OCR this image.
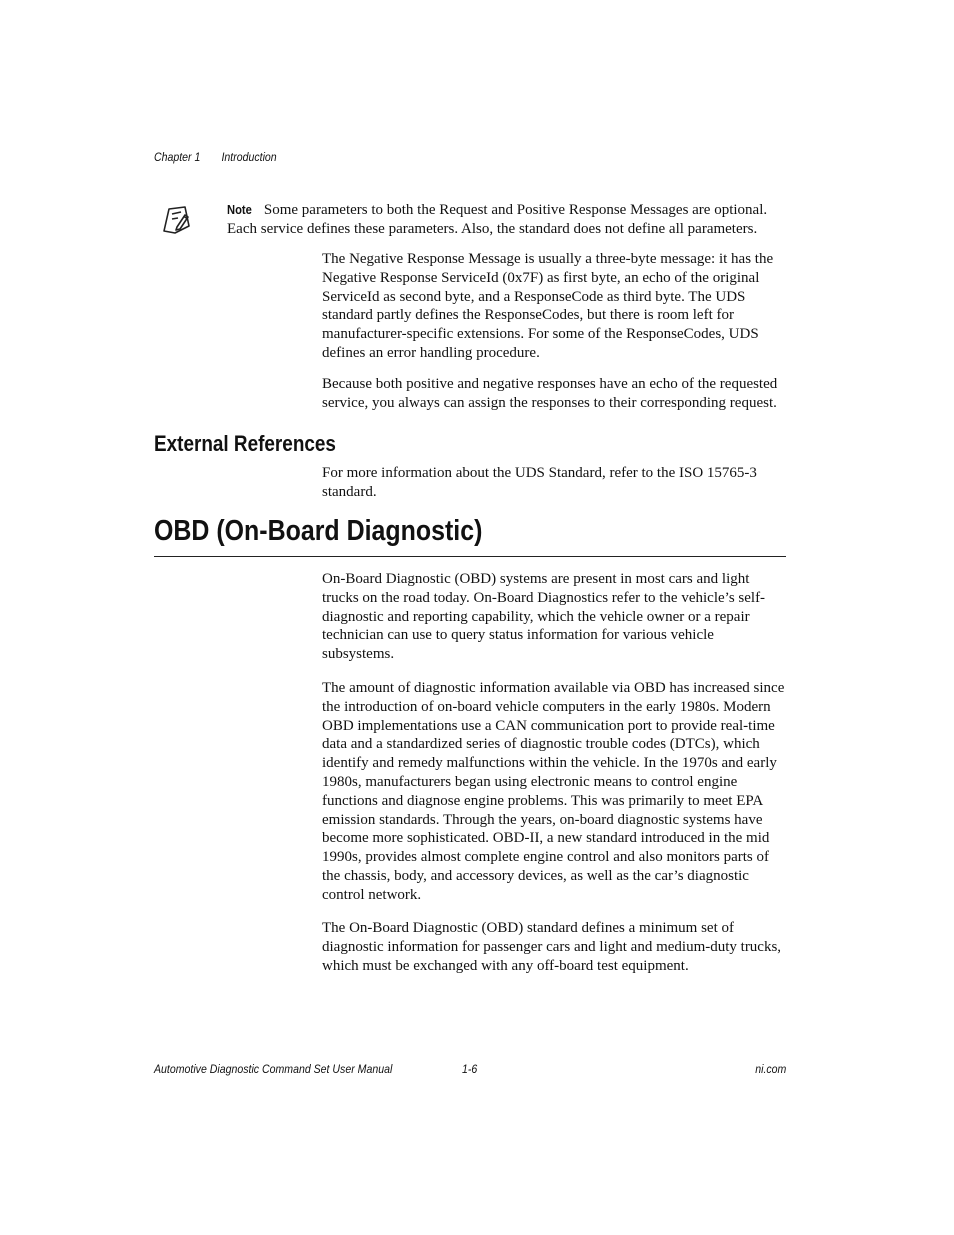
Chapter 1 Introduction
Note Some parameters to both the Request and Positive Response Messages are optional. Each service defines these parameters. Also, the standard does not define all parameters.

The Negative Response Message is usually a three-byte message: it has the Negative Response ServiceId (0x7F) as first byte, an echo of the original ServiceId as second byte, and a ResponseCode as third byte. The UDS standard partly defines the ResponseCodes, but there is room left for manufacturer-specific extensions. For some of the ResponseCodes, UDS defines an error handling procedure.

Because both positive and negative responses have an echo of the requested service, you always can assign the responses to their corresponding request.

External References

For more information about the UDS Standard, refer to the ISO 15765-3 standard.

OBD (On-Board Diagnostic)

On-Board Diagnostic (OBD) systems are present in most cars and light trucks on the road today. On-Board Diagnostics refer to the vehicle’s self-diagnostic and reporting capability, which the vehicle owner or a repair technician can use to query status information for various vehicle subsystems.

The amount of diagnostic information available via OBD has increased since the introduction of on-board vehicle computers in the early 1980s. Modern OBD implementations use a CAN communication port to provide real-time data and a standardized series of diagnostic trouble codes (DTCs), which identify and remedy malfunctions within the vehicle. In the 1970s and early 1980s, manufacturers began using electronic means to control engine functions and diagnose engine problems. This was primarily to meet EPA emission standards. Through the years, on-board diagnostic systems have become more sophisticated. OBD-II, a new standard introduced in the mid 1990s, provides almost complete engine control and also monitors parts of the chassis, body, and accessory devices, as well as the car’s diagnostic control network.

The On-Board Diagnostic (OBD) standard defines a minimum set of diagnostic information for passenger cars and light and medium-duty trucks, which must be exchanged with any off-board test equipment.

Automotive Diagnostic Command Set User Manual	1-6	ni.com
